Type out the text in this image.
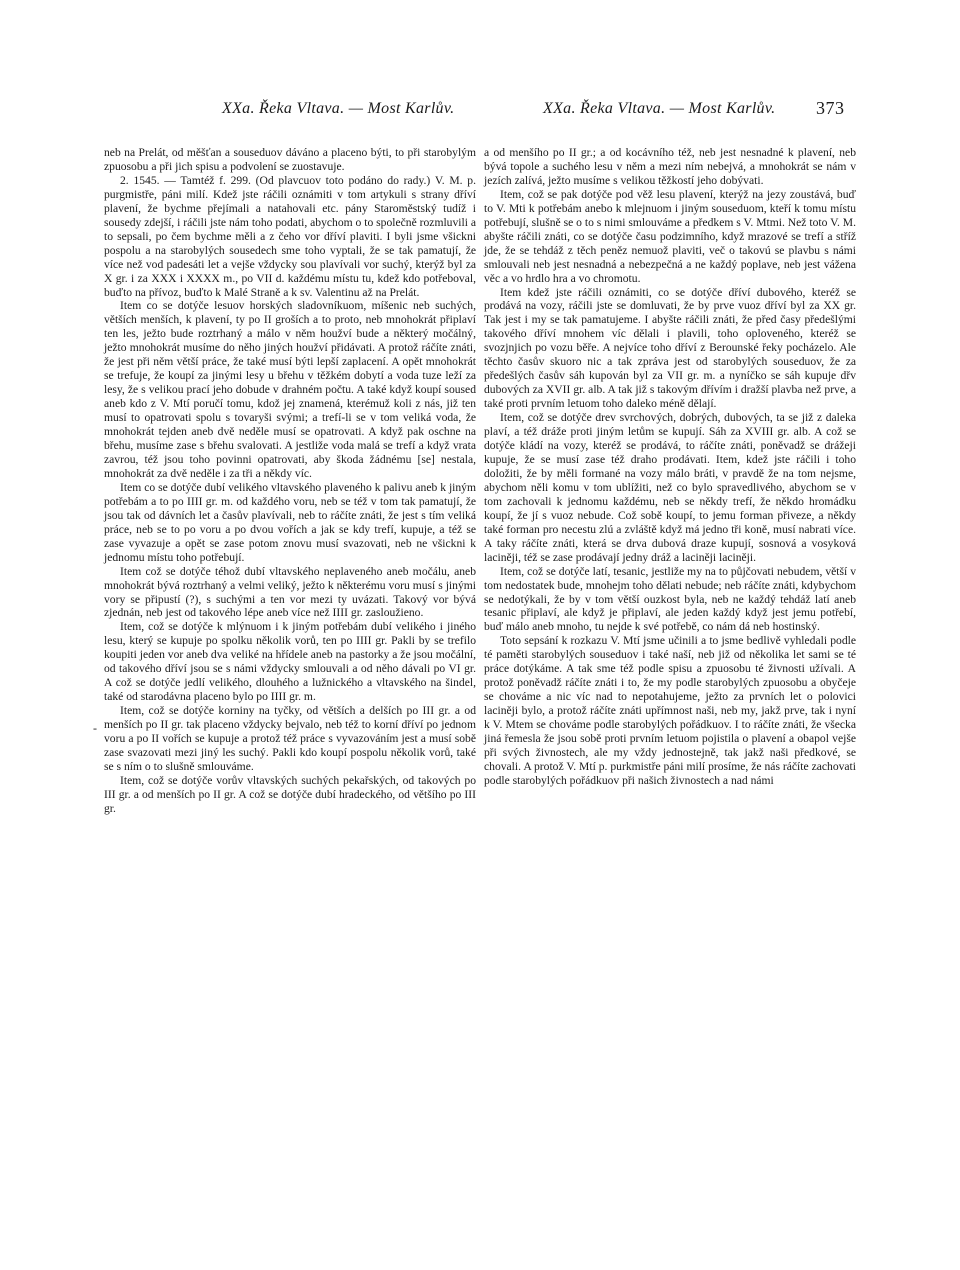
XXa. Řeka Vltava. — Most Karlův.	XXa. Řeka Vltava. — Most Karlův. 373
-

neb na Prelát, od měšťan a souseduov dáváno a placeno býti, to při starobylým zpuosobu a při jich spisu a podvolení se zuostavuje.

2. 1545. — Tamtéž f. 299. (Od plavcuov toto podáno do rady.) V. M. p. purgmistře, páni milí. Kdež jste ráčili oznámiti v tom artykuli s strany dříví plavení, že bychme přejímali a natahovali etc. pány Staroměstský tudíž i sousedy zdejší, i ráčili jste nám toho podati, abychom o to společně rozmluvili a to sepsali, po čem bychme měli a z čeho vor dříví plaviti. I byli jsme všickni pospolu a na starobylých sousedech sme toho vyptali, že se tak pamatují, že více než vod padesáti let a vejše vždycky sou plavívali vor suchý, kterýž byl za X gr. i za XXX i XXXX m., po VII d. každému místu tu, kdež kdo potřeboval, buďto na přívoz, buďto k Malé Straně a k sv. Valentinu až na Prelát.

Item co se dotýče lesuov horských sladovníkuom, míšenic neb suchých, větších menších, k plavení, ty po II groších a to proto, neb mnohokrát připlaví ten les, ježto bude roztrhaný a málo v něm houžví bude a některý močálný, ježto mnohokrát musíme do něho jiných houžví přidávati. A protož ráčíte znáti, že jest při něm větší práce, že také musí býti lepší zaplacení. A opět mnohokrát se trefuje, že koupí za jinými lesy u břehu v těžkém dobytí a voda tuze leží za lesy, že s velikou prací jeho dobude v drahném počtu. A také když koupí soused aneb kdo z V. Mtí poručí tomu, kdož jej znamená, kterémuž koli z nás, již ten musí to opatrovati spolu s tovaryši svými; a trefí-li se v tom veliká voda, že mnohokrát tejden aneb dvě neděle musí se opatrovati. A když pak oschne na břehu, musíme zase s břehu svalovati. A jestliže voda malá se trefí a když vrata zavrou, též jsou toho povinni opatrovati, aby škoda žádnému [se] nestala, mnohokrát za dvě neděle i za tři a někdy víc.

Item co se dotýče dubí velikého vltavského plaveného k palivu aneb k jiným potřebám a to po IIII gr. m. od každého voru, neb se též v tom tak pamatují, že jsou tak od dávních let a časův plavívali, neb to ráčíte znáti, že jest s tím veliká práce, neb se to po voru a po dvou vořích a jak se kdy trefí, kupuje, a též se zase vyvazuje a opět se zase potom znovu musí svazovati, neb ne všickni k jednomu místu toho potřebují.

Item což se dotýče téhož dubí vltavského neplaveného aneb močálu, aneb mnohokrát bývá roztrhaný a velmi veliký, ježto k některému voru musí s jinými vory se připustí (?), s suchými a ten vor mezi ty uvázati. Takový vor bývá zjednán, neb jest od takového lépe aneb více než IIII gr. zasloužieno.

Item, což se dotýče k mlýnuom i k jiným potřebám dubí velikého i jiného lesu, který se kupuje po spolku několik vorů, ten po IIII gr. Pakli by se trefilo koupiti jeden vor aneb dva veliké na hřídele aneb na pastorky a že jsou močální, od takového dříví jsou se s námi vždycky smlouvali a od něho dávali po VI gr. A což se dotýče jedlí velikého, dlouhého a lužnického a vltavského na šindel, také od starodávna placeno bylo po IIII gr. m.

Item, což se dotýče korniny na tyčky, od větších a delších po III gr. a od menších po II gr. tak placeno vždycky bejvalo, neb též to korní dříví po jednom voru a po II vořích se kupuje a protož též práce s vyvazováním jest a musí sobě zase svazovati mezi jiný les suchý. Pakli kdo koupí pospolu několik vorů, také se s ním o to slušně smlouváme.

Item, což se dotýče vorův vltavských suchých pekařských, od takových po III gr. a od menších po II gr. A což se dotýče dubí hradeckého, od většího po III gr.

a od menšího po II gr.; a od kocávního též, neb jest nesnadné k plavení, neb bývá topole a suchého lesu v něm a mezi ním nebejvá, a mnohokrát se nám v jezích zalívá, ježto musíme s velikou těžkostí jeho dobývati.

Item, což se pak dotýče pod věž lesu plavení, kterýž na jezy zoustává, buď to V. Mti k potřebám anebo k mlejnuom i jiným souseduom, kteří k tomu místu potřebují, slušně se o to s nimi smlouváme a předkem s V. Mtmi. Než toto V. M. abyšte ráčili znáti, co se dotýče času podzimního, když mrazové se trefí a stříž jde, že se tehdáž z těch peněz nemuož plaviti, več o takovú se plavbu s námi smlouvali neb jest nesnadná a nebezpečná a ne každý poplave, neb jest vážena věc a vo hrdlo hra a vo chromotu.

Item kdež jste ráčili oznámiti, co se dotýče dříví dubového, kteréž se prodává na vozy, ráčili jste se domluvati, že by prve vuoz dříví byl za XX gr. Tak jest i my se tak pamatujeme. I abyšte ráčili znáti, že před časy předešlými takového dříví mnohem víc dělali i plavili, toho oploveného, kteréž se svozjnjich po vozu běře. A nejvíce toho dříví z Berounské řeky pocházelo. Ale těchto časův skuoro nic a tak zpráva jest od starobylých souseduov, že za předešlých časův sáh kupován byl za VII gr. m. a nyníčko se sáh kupuje dřv dubových za XVII gr. alb. A tak již s takovým dřívím i dražší plavba než prve, a také proti prvním letuom toho daleko méně dělají.

Item, což se dotýče drev svrchových, dobrých, dubových, ta se již z daleka plaví, a též dráže proti jiným letům se kupují. Sáh za XVIII gr. alb. A což se dotýče kládí na vozy, kteréž se prodává, to ráčíte znáti, poněvadž se drážeji kupuje, že se musí zase též draho prodávati. Item, kdež jste ráčili i toho doložiti, že by měli formané na vozy málo bráti, v pravdě že na tom nejsme, abychom něli komu v tom ublížiti, než co bylo spravedlivého, abychom se v tom zachovali k jednomu každému, neb se někdy trefí, že někdo hromádku koupí, že jí s vuoz nebude. Což sobě koupí, to jemu forman přiveze, a někdy také forman pro necestu zlú a zvláště když má jedno tři koně, musí nabrati více. A taky ráčíte znáti, která se drva dubová draze kupují, sosnová a vosyková laciněji, též se zase prodávají jedny dráž a laciněji laciněji.

Item, což se dotýče latí, tesanic, jestliže my na to půjčovati nebudem, větší v tom nedostatek bude, mnohejm toho dělati nebude; neb ráčíte znáti, kdybychom se nedotýkali, že by v tom větší ouzkost byla, neb ne každý tehdáž latí aneb tesanic připlaví, ale když je připlaví, ale jeden každý když jest jemu potřebí, buď málo aneb mnoho, tu nejde k své potřebě, co nám dá neb hostinský.

Toto sepsání k rozkazu V. Mtí jsme učinili a to jsme bedlivě vyhledali podle té paměti starobylých souseduov i také naší, neb již od několika let sami se té práce dotýkáme. A tak sme též podle spisu a zpuosobu té živnosti užívali. A protož poněvadž ráčíte znáti i to, že my podle starobylých zpuosobu a obyčeje se chováme a nic víc nad to nepotahujeme, ježto za prvních let o polovici laciněji bylo, a protož ráčíte znáti upřímnost naši, neb my, jakž prve, tak i nyní k V. Mtem se chováme podle starobylých pořádkuov. I to ráčíte znáti, že všecka jiná řemesla že jsou sobě proti prvním letuom pojistila o plavení a obapol vejše při svých živnostech, ale my vždy jednostejně, tak jakž naši předkové, se chovali. A protož V. Mtí p. purkmistře páni milí prosíme, že nás ráčíte zachovati podle starobylých pořádkuov při našich živnostech a nad námi
